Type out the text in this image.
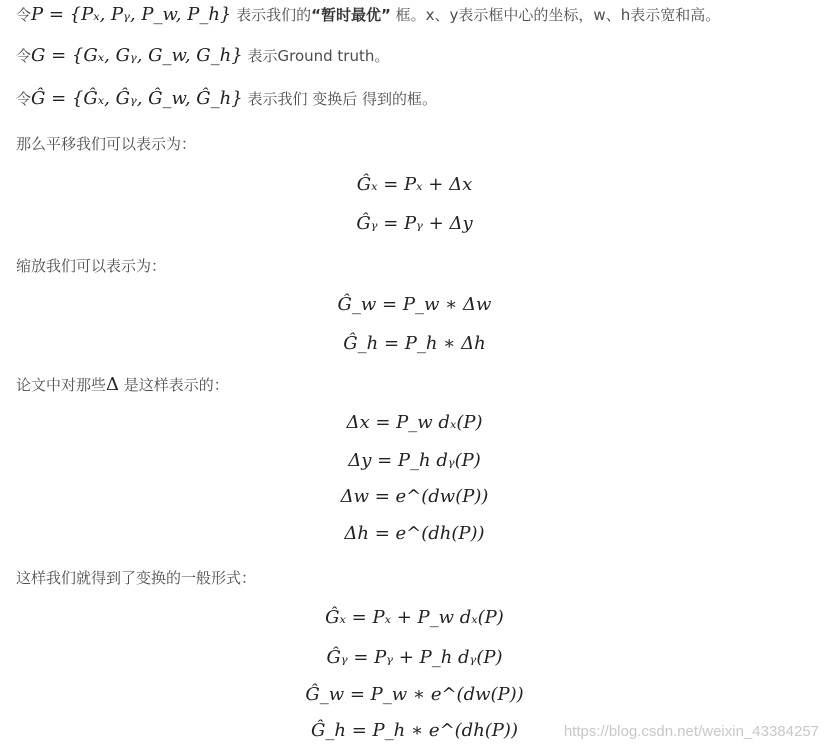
令P = {Pₓ, Pᵧ, P_w, P_h} 表示我们的“暂时最优” 框。x、y表示框中心的坐标，w、h表示宽和高。
令G = {Gₓ, Gᵧ, G_w, G_h} 表示Ground truth。
令Ĝ = {Ĝₓ, Ĝᵧ, Ĝ_w, Ĝ_h} 表示我们 变换后 得到的框。
那么平移我们可以表示为：
Ĝₓ = Pₓ + Δx
Ĝᵧ = Pᵧ + Δy
缩放我们可以表示为：
Ĝ_w = P_w ∗ Δw
Ĝ_h = P_h ∗ Δh
论文中对那些Δ 是这样表示的：
Δx = P_w dₓ(P)
Δy = P_h dᵧ(P)
Δw = e^(dw(P))
Δh = e^(dh(P))
这样我们就得到了变换的一般形式：
Ĝₓ = Pₓ + P_w dₓ(P)
Ĝᵧ = Pᵧ + P_h dᵧ(P)
Ĝ_w = P_w ∗ e^(dw(P))
Ĝ_h = P_h ∗ e^(dh(P))	https://blog.csdn.net/weixin_43384257
